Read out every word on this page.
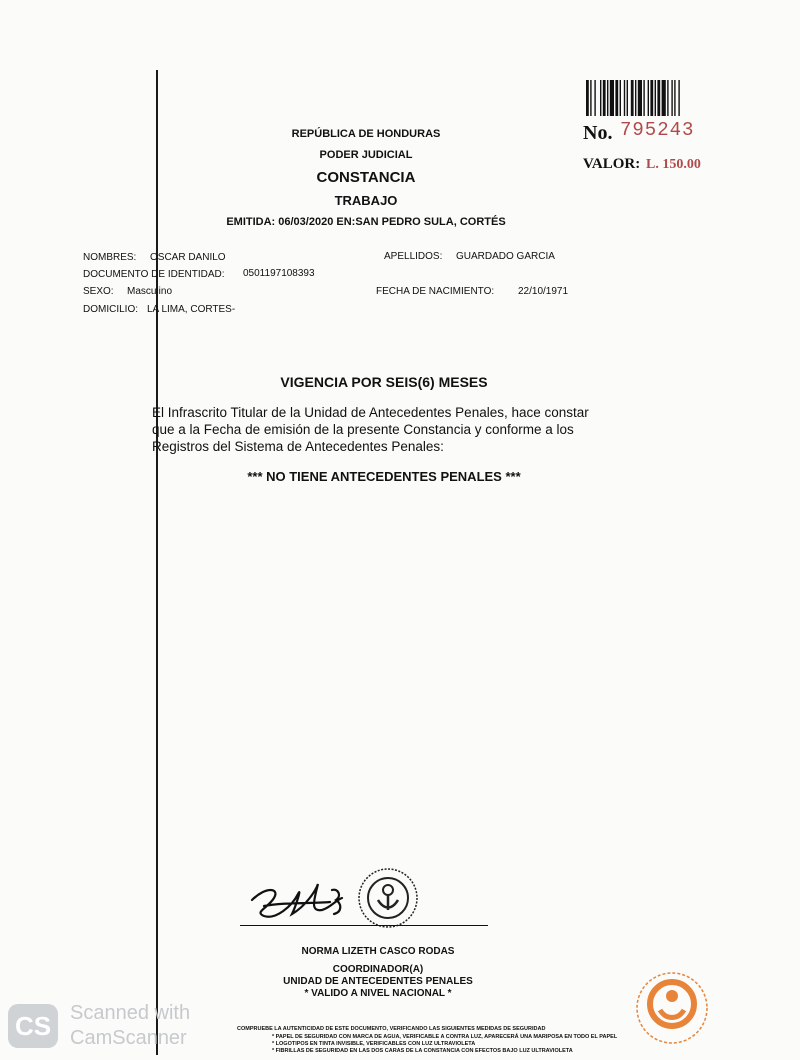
No. 795243
VALOR: L. 150.00
REPÚBLICA DE HONDURAS
PODER JUDICIAL
CONSTANCIA
TRABAJO
EMITIDA: 06/03/2020 EN:SAN PEDRO SULA, CORTÉS
NOMBRES: OSCAR DANILO	APELLIDOS: GUARDADO GARCIA
DOCUMENTO DE IDENTIDAD: 0501197108393
SEXO: Masculino	FECHA DE NACIMIENTO: 22/10/1971
DOMICILIO: LA LIMA, CORTES-
VIGENCIA POR SEIS(6) MESES
El Infrascrito Titular de la Unidad de Antecedentes Penales, hace constar
que a la Fecha de emisión de la presente Constancia y conforme a los
Registros del Sistema de Antecedentes Penales:
*** NO TIENE ANTECEDENTES PENALES ***
NORMA LIZETH CASCO RODAS
COORDINADOR(A)
UNIDAD DE ANTECEDENTES PENALES
* VALIDO A NIVEL NACIONAL *
COMPRUEBE LA AUTENTICIDAD DE ESTE DOCUMENTO, VERIFICANDO LAS SIGUIENTES MEDIDAS DE SEGURIDAD
* PAPEL DE SEGURIDAD CON MARCA DE AGUA, VERIFICABLE A CONTRA LUZ, APARECERÁ UNA MARIPOSA EN TODO EL PAPEL
* LOGOTIPOS EN TINTA INVISIBLE, VERIFICABLES CON LUZ ULTRAVIOLETA
* FIBRILLAS DE SEGURIDAD EN LAS DOS CARAS DE LA CONSTANCIA CON EFECTOS BAJO LUZ ULTRAVIOLETA
CS Scanned with
CamScanner
